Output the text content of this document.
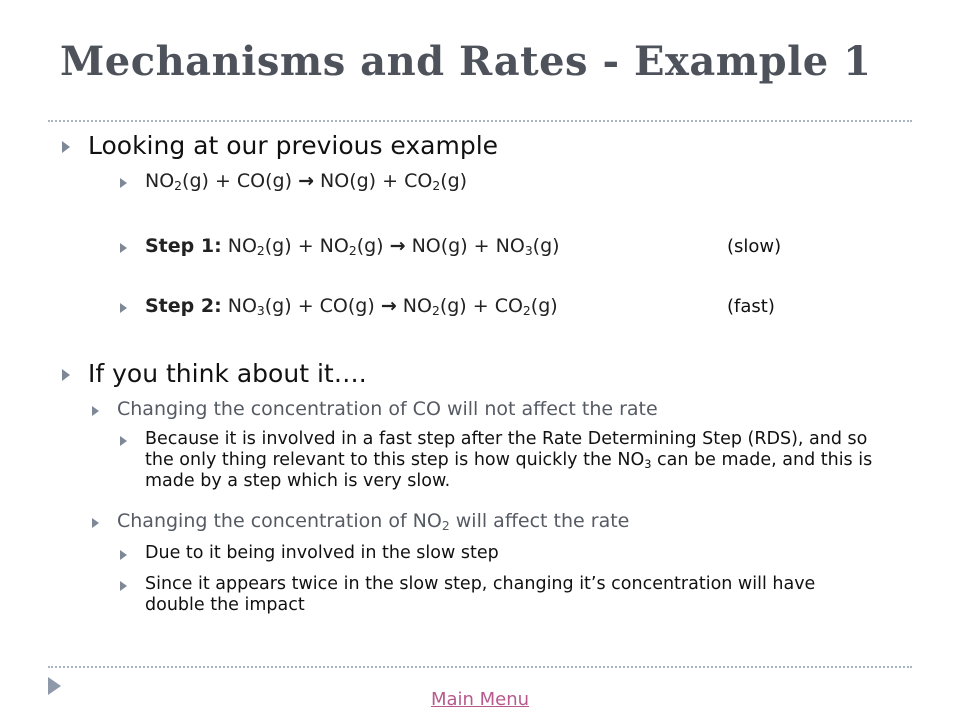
Mechanisms and Rates - Example 1
Looking at our previous example
$NO_2(g) + CO(g) \to NO(g) + CO_2(g)$
Step 1: $NO_2(g) + NO_2(g) \to NO(g) + NO_3(g)$	(slow)
Step 2: $NO_3(g) + CO(g) \to NO_2(g) + CO_2(g)$	(fast)
If you think about it….
Changing the concentration of CO will not affect the rate
Because it is involved in a fast step after the Rate Determining Step (RDS), and so the only thing relevant to this step is how quickly the $NO_3$ can be made, and this is made by a step which is very slow.
Changing the concentration of $NO_2$ will affect the rate
Due to it being involved in the slow step
Since it appears twice in the slow step, changing it’s concentration will have double the impact
Main Menu
